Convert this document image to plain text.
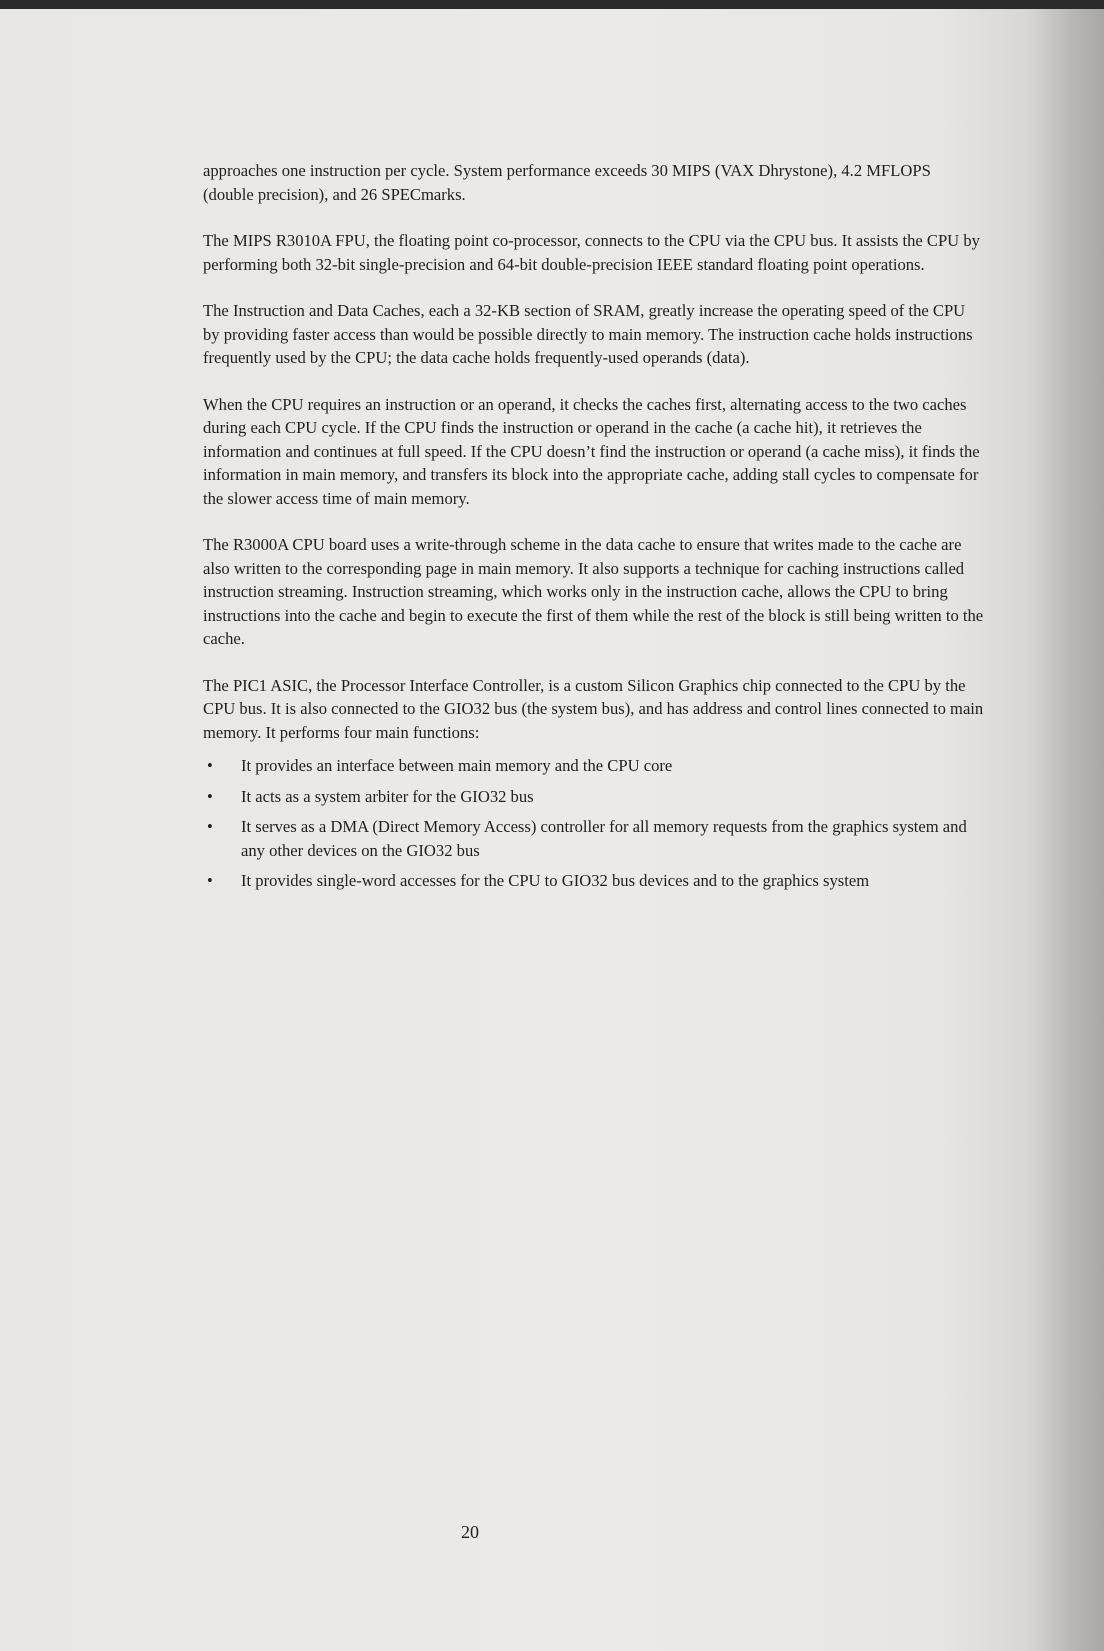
approaches one instruction per cycle. System performance exceeds 30 MIPS (VAX Dhrystone), 4.2 MFLOPS (double precision), and 26 SPECmarks.

The MIPS R3010A FPU, the floating point co-processor, connects to the CPU via the CPU bus. It assists the CPU by performing both 32-bit single-precision and 64-bit double-precision IEEE standard floating point operations.

The Instruction and Data Caches, each a 32-KB section of SRAM, greatly increase the operating speed of the CPU by providing faster access than would be possible directly to main memory. The instruction cache holds instructions frequently used by the CPU; the data cache holds frequently-used operands (data).

When the CPU requires an instruction or an operand, it checks the caches first, alternating access to the two caches during each CPU cycle. If the CPU finds the instruction or operand in the cache (a cache hit), it retrieves the information and continues at full speed. If the CPU doesn’t find the instruction or operand (a cache miss), it finds the information in main memory, and transfers its block into the appropriate cache, adding stall cycles to compensate for the slower access time of main memory.

The R3000A CPU board uses a write-through scheme in the data cache to ensure that writes made to the cache are also written to the corresponding page in main memory. It also supports a technique for caching instructions called instruction streaming. Instruction streaming, which works only in the instruction cache, allows the CPU to bring instructions into the cache and begin to execute the first of them while the rest of the block is still being written to the cache.

The PIC1 ASIC, the Processor Interface Controller, is a custom Silicon Graphics chip connected to the CPU by the CPU bus. It is also connected to the GIO32 bus (the system bus), and has address and control lines connected to main memory. It performs four main functions:

• It provides an interface between main memory and the CPU core
• It acts as a system arbiter for the GIO32 bus
• It serves as a DMA (Direct Memory Access) controller for all memory requests from the graphics system and any other devices on the GIO32 bus
• It provides single-word accesses for the CPU to GIO32 bus devices and to the graphics system
20
